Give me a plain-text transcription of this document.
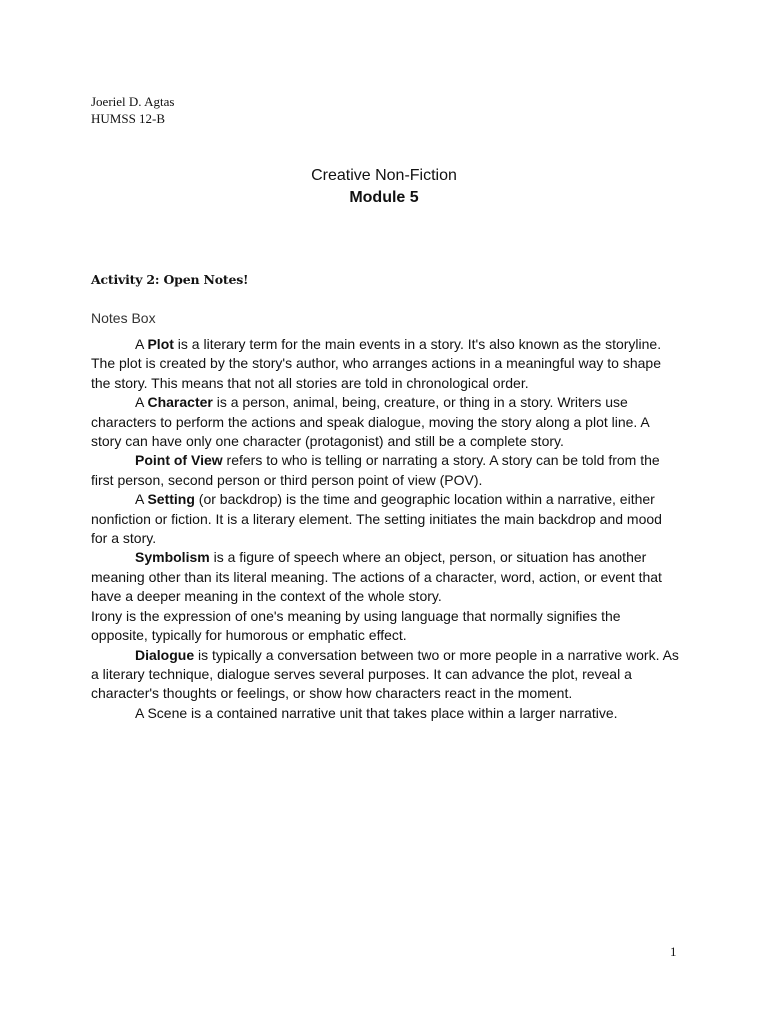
Joeriel D. Agtas
HUMSS 12-B
Creative Non-Fiction
Module 5
Activity 2: Open Notes!
Notes Box

A Plot is a literary term for the main events in a story. It's also known as the storyline. The plot is created by the story's author, who arranges actions in a meaningful way to shape the story. This means that not all stories are told in chronological order.

A Character is a person, animal, being, creature, or thing in a story. Writers use characters to perform the actions and speak dialogue, moving the story along a plot line. A story can have only one character (protagonist) and still be a complete story.

Point of View refers to who is telling or narrating a story. A story can be told from the first person, second person or third person point of view (POV).

A Setting (or backdrop) is the time and geographic location within a narrative, either nonfiction or fiction. It is a literary element. The setting initiates the main backdrop and mood for a story.

Symbolism is a figure of speech where an object, person, or situation has another meaning other than its literal meaning. The actions of a character, word, action, or event that have a deeper meaning in the context of the whole story.

Irony is the expression of one's meaning by using language that normally signifies the opposite, typically for humorous or emphatic effect.

Dialogue is typically a conversation between two or more people in a narrative work. As a literary technique, dialogue serves several purposes. It can advance the plot, reveal a character's thoughts or feelings, or show how characters react in the moment.

A Scene is a contained narrative unit that takes place within a larger narrative.

1
